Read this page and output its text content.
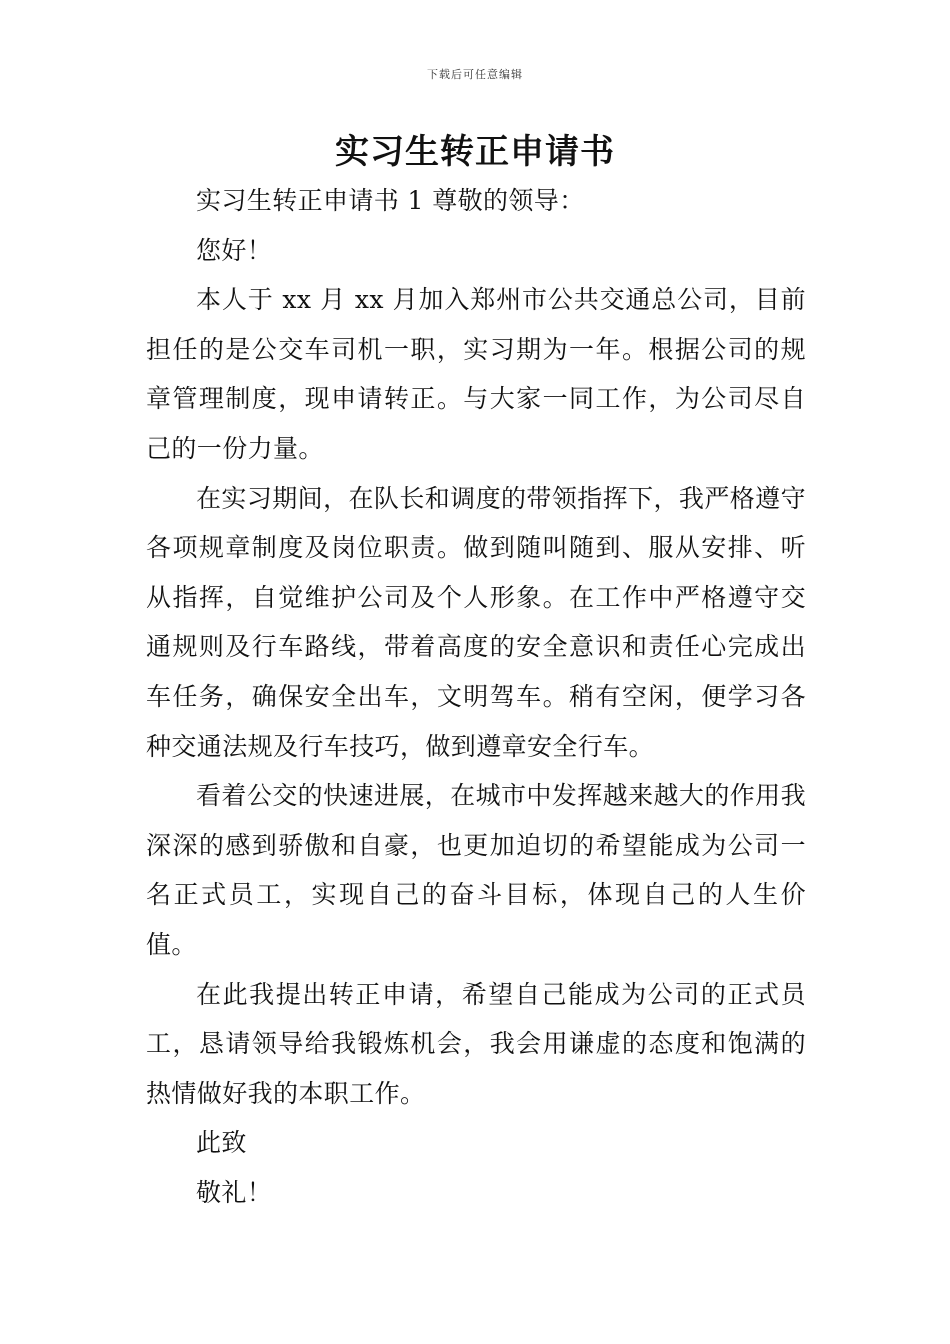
下载后可任意编辑
实习生转正申请书

实习生转正申请书 1 尊敬的领导：

您好！

本人于 xx 月 xx 月加入郑州市公共交通总公司，目前担任的是公交车司机一职，实习期为一年。根据公司的规章管理制度，现申请转正。与大家一同工作，为公司尽自己的一份力量。

在实习期间，在队长和调度的带领指挥下，我严格遵守各项规章制度及岗位职责。做到随叫随到、服从安排、听从指挥，自觉维护公司及个人形象。在工作中严格遵守交通规则及行车路线，带着高度的安全意识和责任心完成出车任务，确保安全出车，文明驾车。稍有空闲，便学习各种交通法规及行车技巧，做到遵章安全行车。

看着公交的快速进展，在城市中发挥越来越大的作用我深深的感到骄傲和自豪，也更加迫切的希望能成为公司一名正式员工，实现自己的奋斗目标，体现自己的人生价值。

在此我提出转正申请，希望自己能成为公司的正式员工，恳请领导给我锻炼机会，我会用谦虚的态度和饱满的热情做好我的本职工作。

此致

敬礼！
